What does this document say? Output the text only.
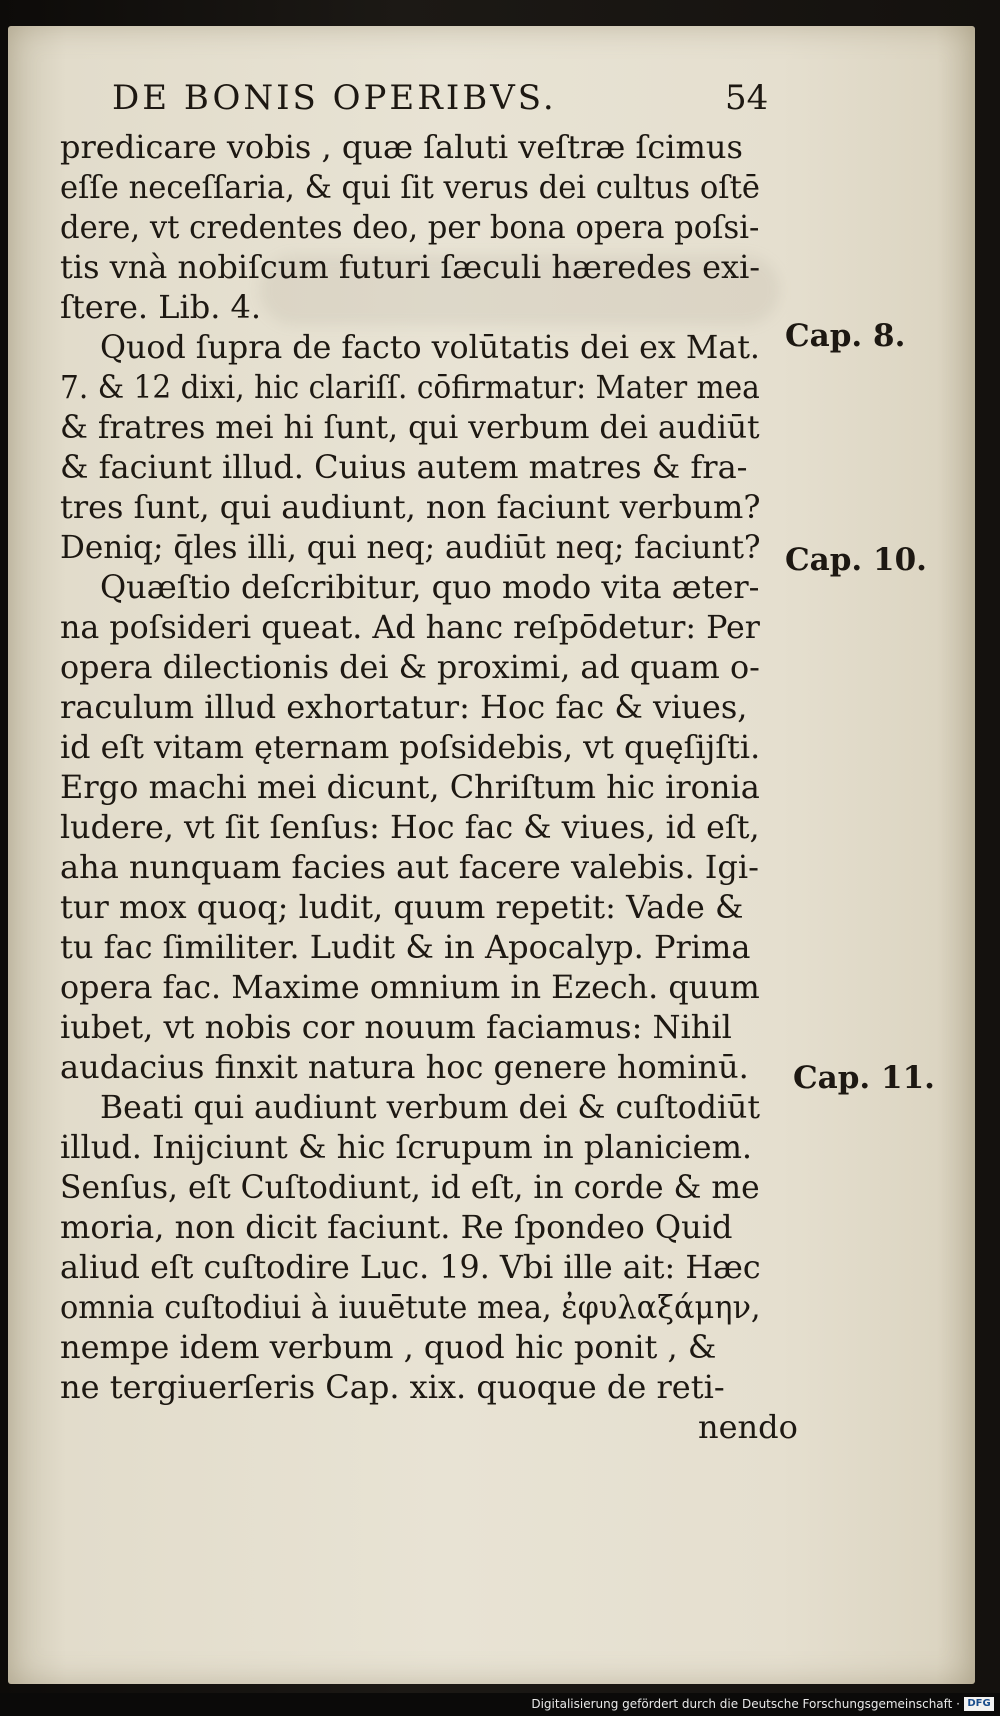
DE BONIS OPERIBVS.	54
predicare vobis , quæ ſaluti veſtræ ſcimus
eſſe neceſſaria, & qui ſit verus dei cultus oſtē
dere, vt credentes deo, per bona opera poſsi-
tis vnà nobiſcum futuri ſæculi hæredes exi-
ſtere. Lib. 4.
Quod ſupra de facto volūtatis dei ex Mat.
7. & 12 dixi, hic clariſſ. cōfirmatur: Mater mea
& fratres mei hi ſunt, qui verbum dei audiūt
& faciunt illud. Cuius autem matres & fra-
tres ſunt, qui audiunt, non faciunt verbum?
Deniq; q̄les illi, qui neq; audiūt neq; faciunt?
Quæſtio deſcribitur, quo modo vita æter-
na poſsideri queat. Ad hanc reſpōdetur: Per
opera dilectionis dei & proximi, ad quam o-
raculum illud exhortatur: Hoc fac & viues,
id eſt vitam ęternam poſsidebis, vt quęſijſti.
Ergo machi mei dicunt, Chriſtum hic ironia
ludere, vt ſit ſenſus: Hoc fac & viues, id eſt,
aha nunquam facies aut facere valebis. Igi-
tur mox quoq; ludit, quum repetit: Vade &
tu fac ſimiliter. Ludit & in Apocalyp. Prima
opera fac. Maxime omnium in Ezech. quum
iubet, vt nobis cor nouum faciamus: Nihil
audacius finxit natura hoc genere hominū.
Beati qui audiunt verbum dei & cuſtodiūt
illud. Inijciunt & hic ſcrupum in planiciem.
Senſus, eſt Cuſtodiunt, id eſt, in corde & me
moria, non dicit faciunt. Re ſpondeo Quid
aliud eſt cuſtodire Luc. 19. Vbi ille ait: Hæc
omnia cuſtodiui à iuuētute mea, ἐφυλαξάμην,
nempe idem verbum , quod hic ponit , &
ne tergiuerſeris Cap. xix. quoque de reti-
nendo
Cap. 8.
Cap. 10.
Cap. 11.
Digitalisierung gefördert durch die Deutsche Forschungsgemeinschaft · DFG
